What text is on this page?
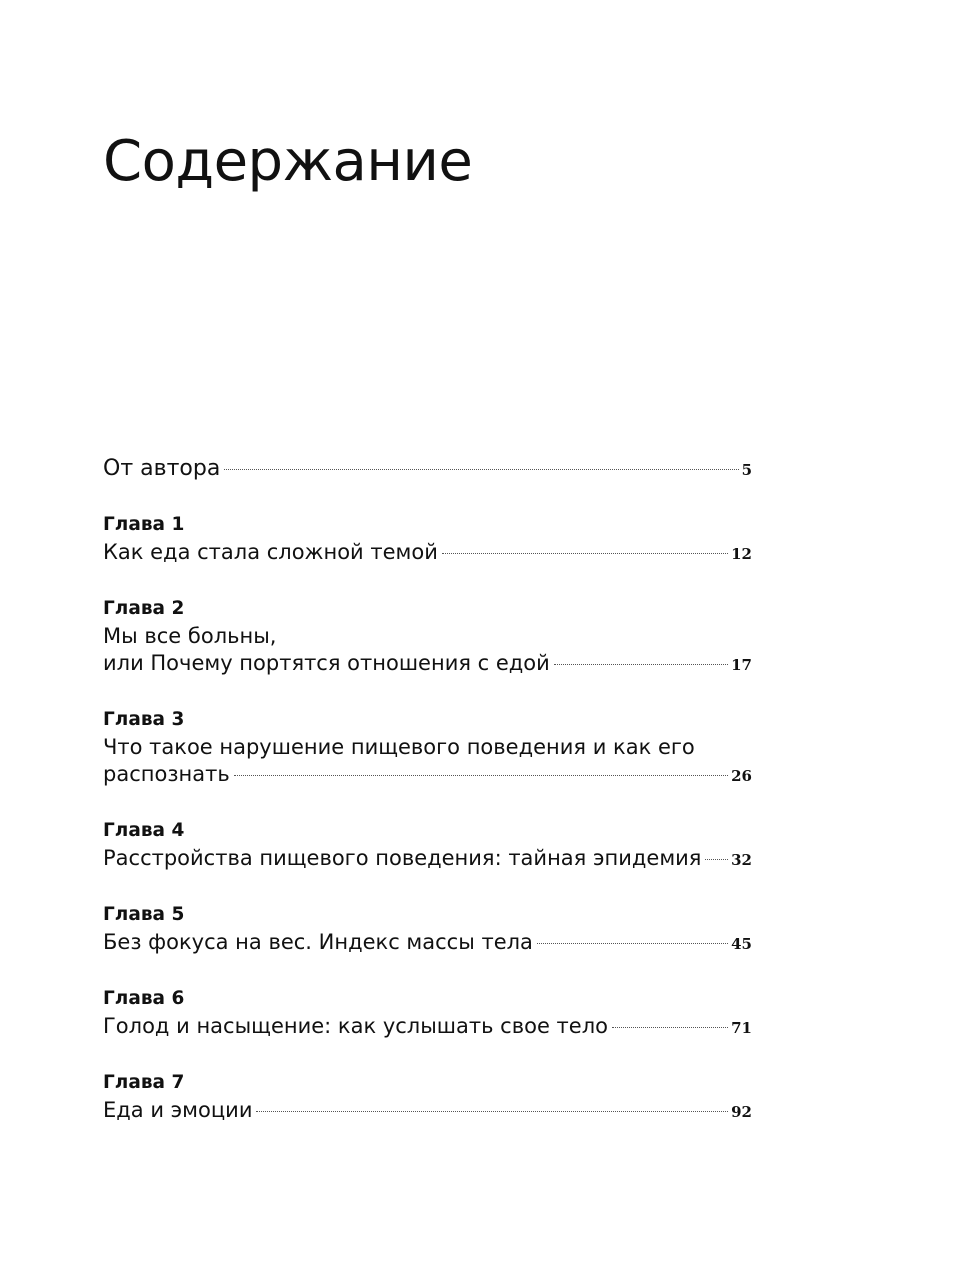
Содержание
От автора	5
Глава 1
Как еда стала сложной темой	12
Глава 2
Мы все больны,
или Почему портятся отношения с едой	17
Глава 3
Что такое нарушение пищевого поведения и как его
распознать	26
Глава 4
Расстройства пищевого поведения: тайная эпидемия 32
Глава 5
Без фокуса на вес. Индекс массы тела	45
Глава 6
Голод и насыщение: как услышать свое тело	71
Глава 7
Еда и эмоции	92
